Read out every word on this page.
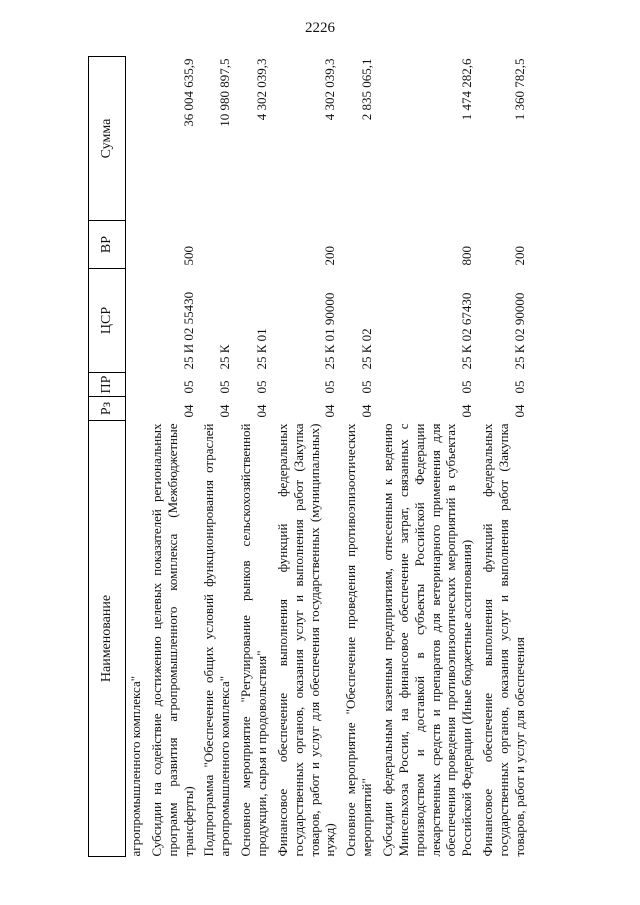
2226
Наименование	Рз	ПР	ЦСР	ВР	Сумма
агропромышленного комплекса"					
Субсидии на содействие достижению целевых показателей региональных программ развития агропромышленного комплекса (Межбюджетные трансферты)	04	05	25 И 02 55430	500	36 004 635,9
Подпрограмма "Обеспечение общих условий функционирования отраслей агропромышленного комплекса"	04	05	25 К		10 980 897,5
Основное мероприятие "Регулирование рынков сельскохозяйственной продукции, сырья и продовольствия"	04	05	25 К 01		4 302 039,3
Финансовое обеспечение выполнения функций федеральных государственных органов, оказания услуг и выполнения работ (Закупка товаров, работ и услуг для обеспечения государственных (муниципальных) нужд)	04	05	25 К 01 90000	200	4 302 039,3
Основное мероприятие "Обеспечение проведения противоэпизоотических мероприятий"	04	05	25 К 02		2 835 065,1
Субсидии федеральным казенным предприятиям, отнесенным к ведению Минсельхоза России, на финансовое обеспечение затрат, связанных с производством и доставкой в субъекты Российской Федерации лекарственных средств и препаратов для ветеринарного применения для обеспечения проведения противоэпизоотических мероприятий в субъектах Российской Федерации (Иные бюджетные ассигнования)	04	05	25 К 02 67430	800	1 474 282,6
Финансовое обеспечение выполнения функций федеральных государственных органов, оказания услуг и выполнения работ (Закупка товаров, работ и услуг для обеспечения	04	05	25 К 02 90000	200	1 360 782,5
